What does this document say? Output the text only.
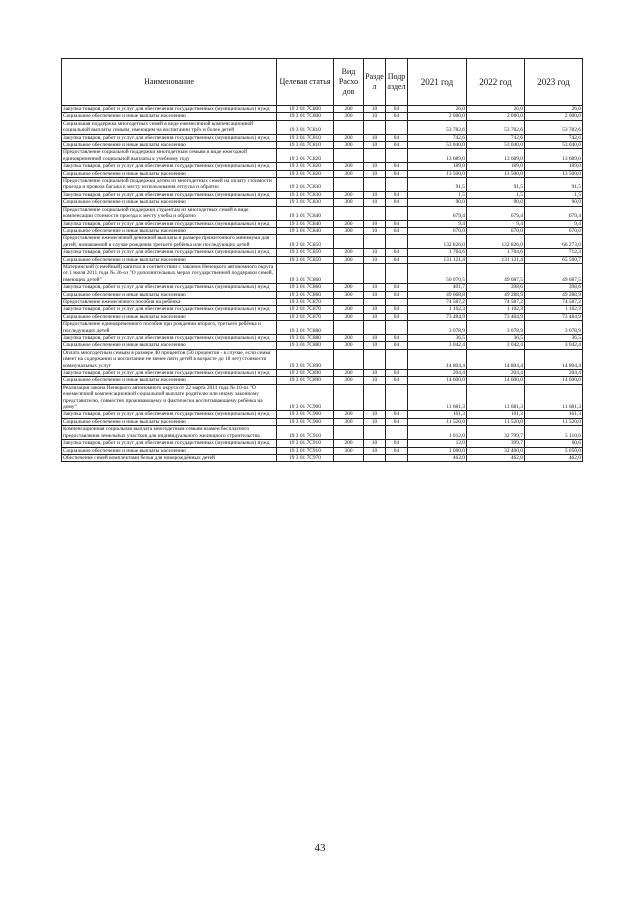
Наименование	Целевая статья	Вид Расхо дов	Разде л	Подр аздел	2021 год	2022 год	2023 год
Закупка товаров, работ и услуг для обеспечения государственных (муниципальных) нужд	19 3 01 7С800	200	10	04	26,0	26,0	26,0
Социальное обеспечение и иные выплаты населению	19 3 01 7С800	300	10	04	2 000,0	2 000,0	2 000,0
Социальная поддержка многодетных семей в виде ежемесячной компенсационной социальной выплаты семьям, имеющим на воспитании трёх и более детей	19 3 01 7С810				53 782,6	53 782,6	53 782,6
Закупка товаров, работ и услуг для обеспечения государственных (муниципальных) нужд	19 3 01 7С810	200	10	04	742,6	742,6	742,6
Социальное обеспечение и иные выплаты населению	19 3 01 7С810	300	10	04	53 040,0	53 040,0	53 040,0
Предоставление социальной поддержки многодетным семьям в виде ежегодной единовременной социальной выплаты к учебному году	19 3 01 7С820				13 689,0	13 689,0	13 689,0
Закупка товаров, работ и услуг для обеспечения государственных (муниципальных) нужд	19 3 01 7С820	200	10	04	189,0	189,0	189,0
Социальное обеспечение и иные выплаты населению	19 3 01 7С820	300	10	04	13 500,0	13 500,0	13 500,0
Предоставление социальной поддержки детям из многодетных семей на оплату стоимости проезда и провоза багажа к месту использования отпуска и обратно	19 3 01 7С830				91,5	91,5	91,5
Закупка товаров, работ и услуг для обеспечения государственных (муниципальных) нужд	19 3 01 7С830	200	10	04	1,5	1,5	1,5
Социальное обеспечение и иные выплаты населению	19 3 01 7С830	300	10	04	90,0	90,0	90,0
Предоставление социальной поддержки студентам из многодетных семей в виде компенсации стоимости проезда к месту учебы и обратно	19 3 01 7С840				679,4	679,4	679,4
Закупка товаров, работ и услуг для обеспечения государственных (муниципальных) нужд	19 3 01 7С840	200	10	04	9,4	9,4	9,4
Социальное обеспечение и иные выплаты населению	19 3 01 7С840	300	10	04	670,0	670,0	670,0
Предоставление ежемесячной денежной выплаты в размере прожиточного минимума для детей, назначаемой в случае рождения третьего ребёнка или последующих детей	19 3 01 7С850				132 826,0	132 826,0	66 273,0
Закупка товаров, работ и услуг для обеспечения государственных (муниципальных) нужд	19 3 01 7С850	200	10	04	1 704,6	1 704,6	712,3
Социальное обеспечение и иные выплаты населению	19 3 01 7С850	300	10	04	131 121,4	131 121,4	65 560,7
Материнский (семейный) капитал в соответствии с законом Ненецкого автономного округа от 1 июля 2011 года № 36-оз "О дополнительных мерах государственной поддержки семей, имеющих детей"	19 3 01 7С860				50 070,5	49 687,5	49 687,5
Закупка товаров, работ и услуг для обеспечения государственных (муниципальных) нужд	19 3 01 7С860	200	10	04	401,7	398,6	398,6
Социальное обеспечение и иные выплаты населению	19 3 01 7С860	300	10	04	49 668,8	49 288,9	49 288,9
Предоставление ежемесячного пособия на ребёнка	19 3 01 7С870				74 587,2	74 587,2	74 587,2
Закупка товаров, работ и услуг для обеспечения государственных (муниципальных) нужд	19 3 01 7С870	200	10	04	1 102,3	1 102,3	1 102,3
Социальное обеспечение и иные выплаты населению	19 3 01 7С870	300	10	04	73 484,9	73 484,9	73 484,9
Предоставление единовременного пособия при рождении второго, третьего ребёнка и последующих детей	19 3 01 7С880				3 078,9	3 078,9	3 078,9
Закупка товаров, работ и услуг для обеспечения государственных (муниципальных) нужд	19 3 01 7С880	200	10	04	36,5	36,5	36,5
Социальное обеспечение и иные выплаты населению	19 3 01 7С880	300	10	04	3 042,4	3 042,4	3 042,4
Оплата многодетным семьям в размере 40 процентов (50 процентов - в случае, если семья имеет на содержании и воспитании не менее пяти детей в возрасте до 18 лет) стоимости коммунальных услуг	19 3 01 7С890				14 804,4	14 804,4	14 804,4
Закупка товаров, работ и услуг для обеспечения государственных (муниципальных) нужд	19 3 01 7С890	200	10	04	204,4	204,4	204,4
Социальное обеспечение и иные выплаты населению	19 3 01 7С890	300	10	04	14 600,0	14 600,0	14 600,0
Реализация закона Ненецкого автономного округа от 22 марта 2011 года № 10-оз "О ежемесячной компенсационной социальной выплате родителю или иному законному представителю, совместно проживающему и фактически воспитывающему ребёнка на дому"	19 3 01 7С900				11 681,3	11 681,3	11 681,3
Закупка товаров, работ и услуг для обеспечения государственных (муниципальных) нужд	19 3 01 7С900	200	10	04	161,3	161,3	161,3
Социальное обеспечение и иные выплаты населению	19 3 01 7С900	300	10	04	11 520,0	11 520,0	11 520,0
Компенсационная социальная выплата многодетным семьям взамен бесплатного предоставления земельных участков для индивидуального жилищного строительства	19 3 01 7С910				1 012,0	32 799,7	5 110,6
Закупка товаров, работ и услуг для обеспечения государственных (муниципальных) нужд	19 3 01 7С910	200	10	04	12,0	399,7	60,6
Социальное обеспечение и иные выплаты населению	19 3 01 7С910	300	10	04	1 000,0	32 400,0	5 050,0
Обеспечение семей комплектами белья для новорождённых детей	19 3 01 7С970				462,0	462,0	462,0
43
